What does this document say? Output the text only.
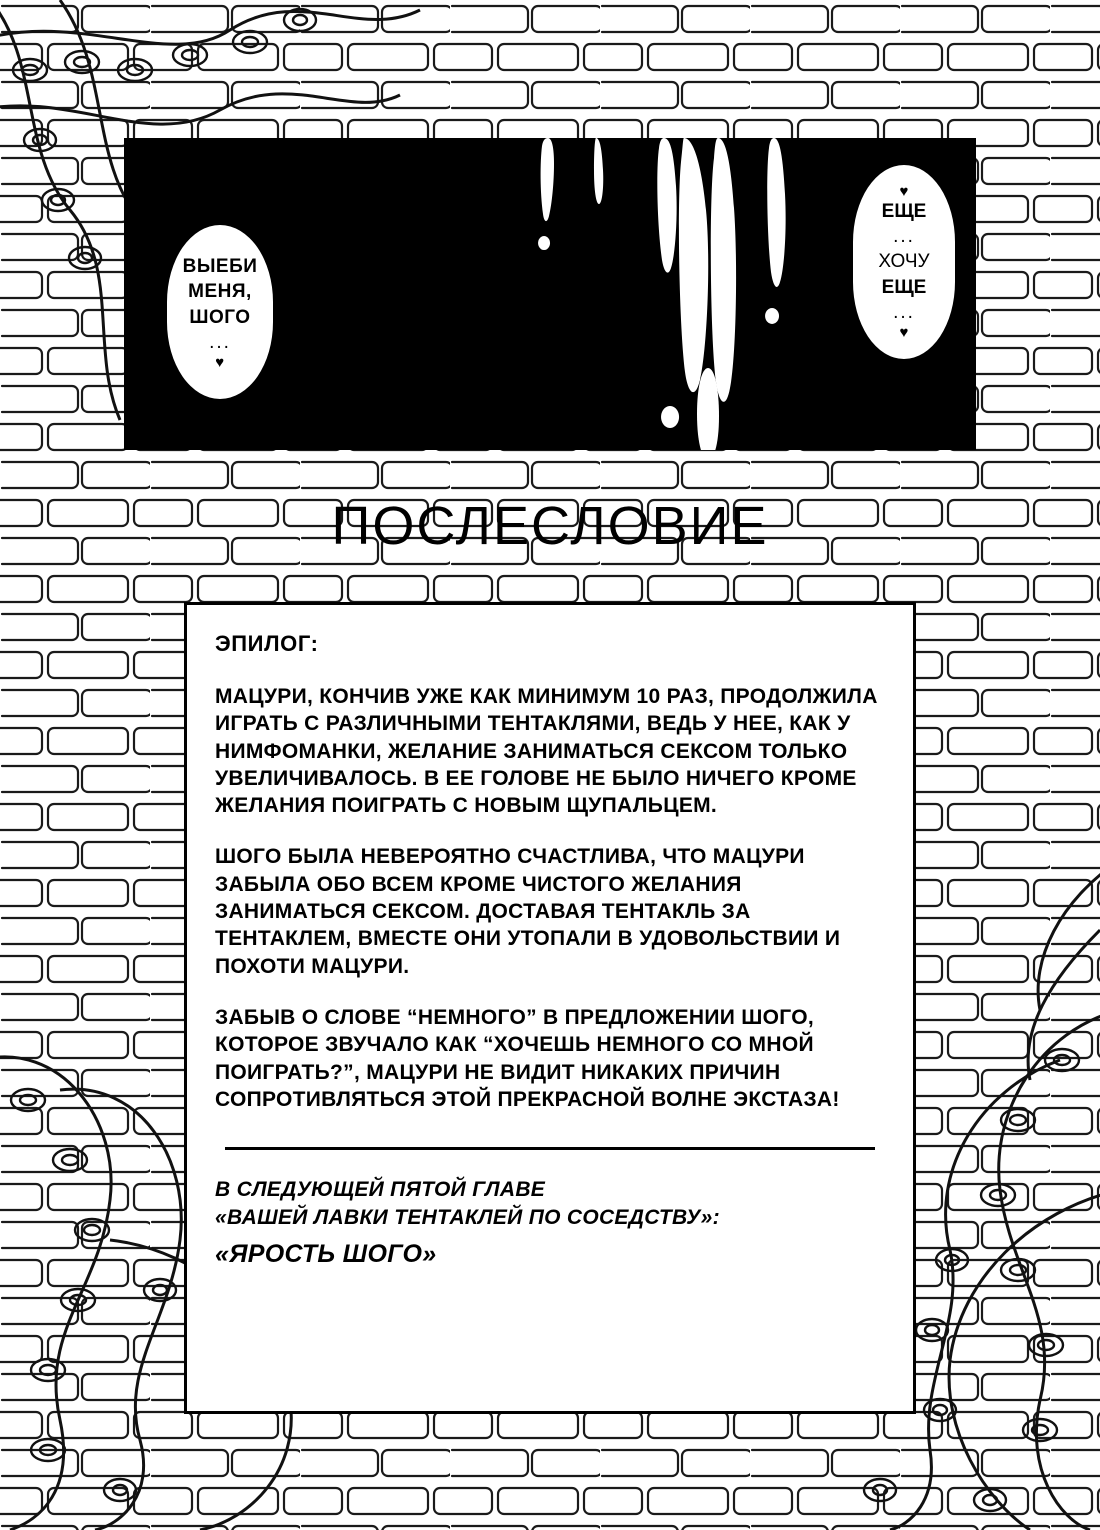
ВЫЕБИ
МЕНЯ,
ШОГО
...
♥
♥
ЕЩЕ
...
ХОЧУ
ЕЩЕ
...
♥
ПОСЛЕСЛОВИЕ
ЭПИЛОГ:

МАЦУРИ, КОНЧИВ УЖЕ КАК МИНИМУМ 10 РАЗ, ПРОДОЛЖИЛА ИГРАТЬ С РАЗЛИЧНЫМИ ТЕНТАКЛЯМИ, ВЕДЬ У НЕЕ, КАК У НИМФОМАНКИ, ЖЕЛАНИЕ ЗАНИМАТЬСЯ СЕКСОМ ТОЛЬКО УВЕЛИЧИВАЛОСЬ. В ЕЕ ГОЛОВЕ НЕ БЫЛО НИЧЕГО КРОМЕ ЖЕЛАНИЯ ПОИГРАТЬ С НОВЫМ ЩУПАЛЬЦЕМ.

ШОГО БЫЛА НЕВЕРОЯТНО СЧАСТЛИВА, ЧТО МАЦУРИ ЗАБЫЛА ОБО ВСЕМ КРОМЕ ЧИСТОГО ЖЕЛАНИЯ ЗАНИМАТЬСЯ СЕКСОМ. ДОСТАВАЯ ТЕНТАКЛЬ ЗА ТЕНТАКЛЕМ, ВМЕСТЕ ОНИ УТОПАЛИ В УДОВОЛЬСТВИИ И ПОХОТИ МАЦУРИ.

ЗАБЫВ О СЛОВЕ “НЕМНОГО” В ПРЕДЛОЖЕНИИ ШОГО, КОТОРОЕ ЗВУЧАЛО КАК “ХОЧЕШЬ НЕМНОГО СО МНОЙ ПОИГРАТЬ?”, МАЦУРИ НЕ ВИДИТ НИКАКИХ ПРИЧИН СОПРОТИВЛЯТЬСЯ ЭТОЙ ПРЕКРАСНОЙ ВОЛНЕ ЭКСТАЗА!

В СЛЕДУЮЩЕЙ ПЯТОЙ ГЛАВЕ
«ВАШЕЙ ЛАВКИ ТЕНТАКЛЕЙ ПО СОСЕДСТВУ»:
«ЯРОСТЬ ШОГО»
